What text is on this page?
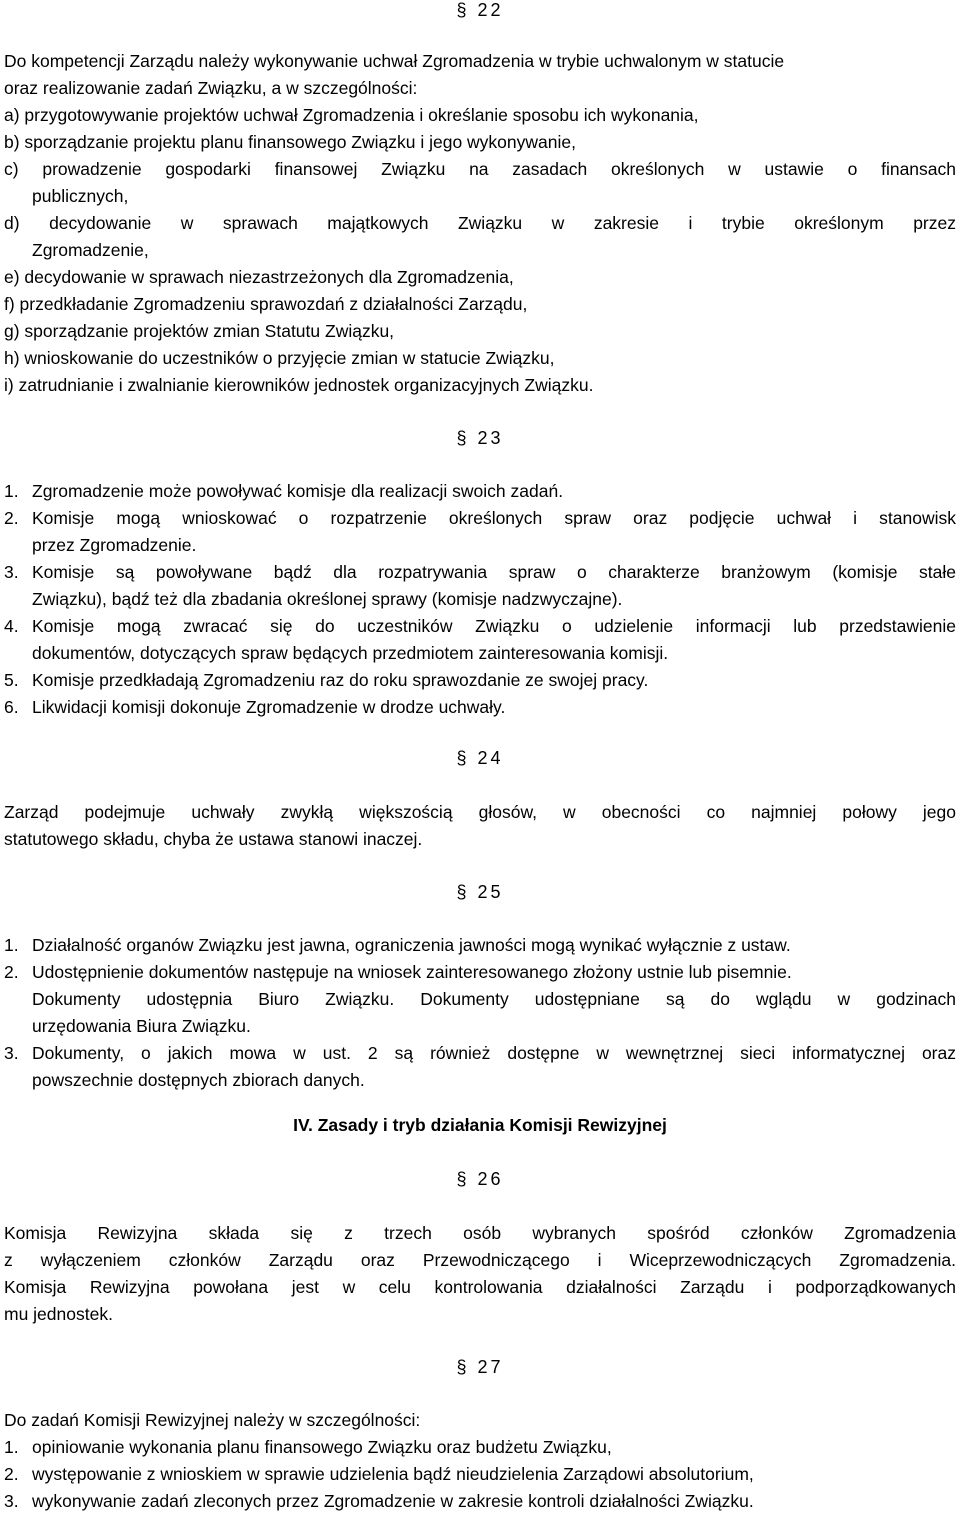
§ 22
Do kompetencji Zarządu należy wykonywanie uchwał Zgromadzenia w trybie uchwalonym w statucie
oraz realizowanie zadań Związku, a w szczególności:
a) przygotowywanie projektów uchwał Zgromadzenia i określanie sposobu ich wykonania,
b) sporządzanie projektu planu finansowego Związku i jego wykonywanie,
c) prowadzenie gospodarki finansowej Związku na zasadach określonych w ustawie o finansach
publicznych,
d) decydowanie w sprawach majątkowych Związku w zakresie i trybie określonym przez
Zgromadzenie,
e) decydowanie w sprawach niezastrzeżonych dla Zgromadzenia,
f) przedkładanie Zgromadzeniu sprawozdań z działalności Zarządu,
g) sporządzanie projektów zmian Statutu Związku,
h) wnioskowanie do uczestników o przyjęcie zmian w statucie Związku,
i) zatrudnianie i zwalnianie kierowników jednostek organizacyjnych Związku.
§ 23
1. Zgromadzenie może powoływać komisje dla realizacji swoich zadań.
2. Komisje mogą wnioskować o rozpatrzenie określonych spraw oraz podjęcie uchwał i stanowisk
przez Zgromadzenie.
3. Komisje są powoływane bądź dla rozpatrywania spraw o charakterze branżowym (komisje stałe
Związku), bądź też dla zbadania określonej sprawy (komisje nadzwyczajne).
4. Komisje mogą zwracać się do uczestników Związku o udzielenie informacji lub przedstawienie
dokumentów, dotyczących spraw będących przedmiotem zainteresowania komisji.
5. Komisje przedkładają Zgromadzeniu raz do roku sprawozdanie ze swojej pracy.
6. Likwidacji komisji dokonuje Zgromadzenie w drodze uchwały.
§ 24
Zarząd podejmuje uchwały zwykłą większością głosów, w obecności co najmniej połowy jego
statutowego składu, chyba że ustawa stanowi inaczej.
§ 25
1. Działalność organów Związku jest jawna, ograniczenia jawności mogą wynikać wyłącznie z ustaw.
2. Udostępnienie dokumentów następuje na wniosek zainteresowanego złożony ustnie lub pisemnie.
Dokumenty udostępnia Biuro Związku. Dokumenty udostępniane są do wglądu w godzinach
urzędowania Biura Związku.
3. Dokumenty, o jakich mowa w ust. 2 są również dostępne w wewnętrznej sieci informatycznej oraz
powszechnie dostępnych zbiorach danych.
IV. Zasady i tryb działania Komisji Rewizyjnej
§ 26
Komisja Rewizyjna składa się z trzech osób wybranych spośród członków Zgromadzenia
z wyłączeniem członków Zarządu oraz Przewodniczącego i Wiceprzewodniczących Zgromadzenia.
Komisja Rewizyjna powołana jest w celu kontrolowania działalności Zarządu i podporządkowanych
mu jednostek.
§ 27
Do zadań Komisji Rewizyjnej należy w szczególności:
1. opiniowanie wykonania planu finansowego Związku oraz budżetu Związku,
2. występowanie z wnioskiem w sprawie udzielenia bądź nieudzielenia Zarządowi absolutorium,
3. wykonywanie zadań zleconych przez Zgromadzenie w zakresie kontroli działalności Związku.
